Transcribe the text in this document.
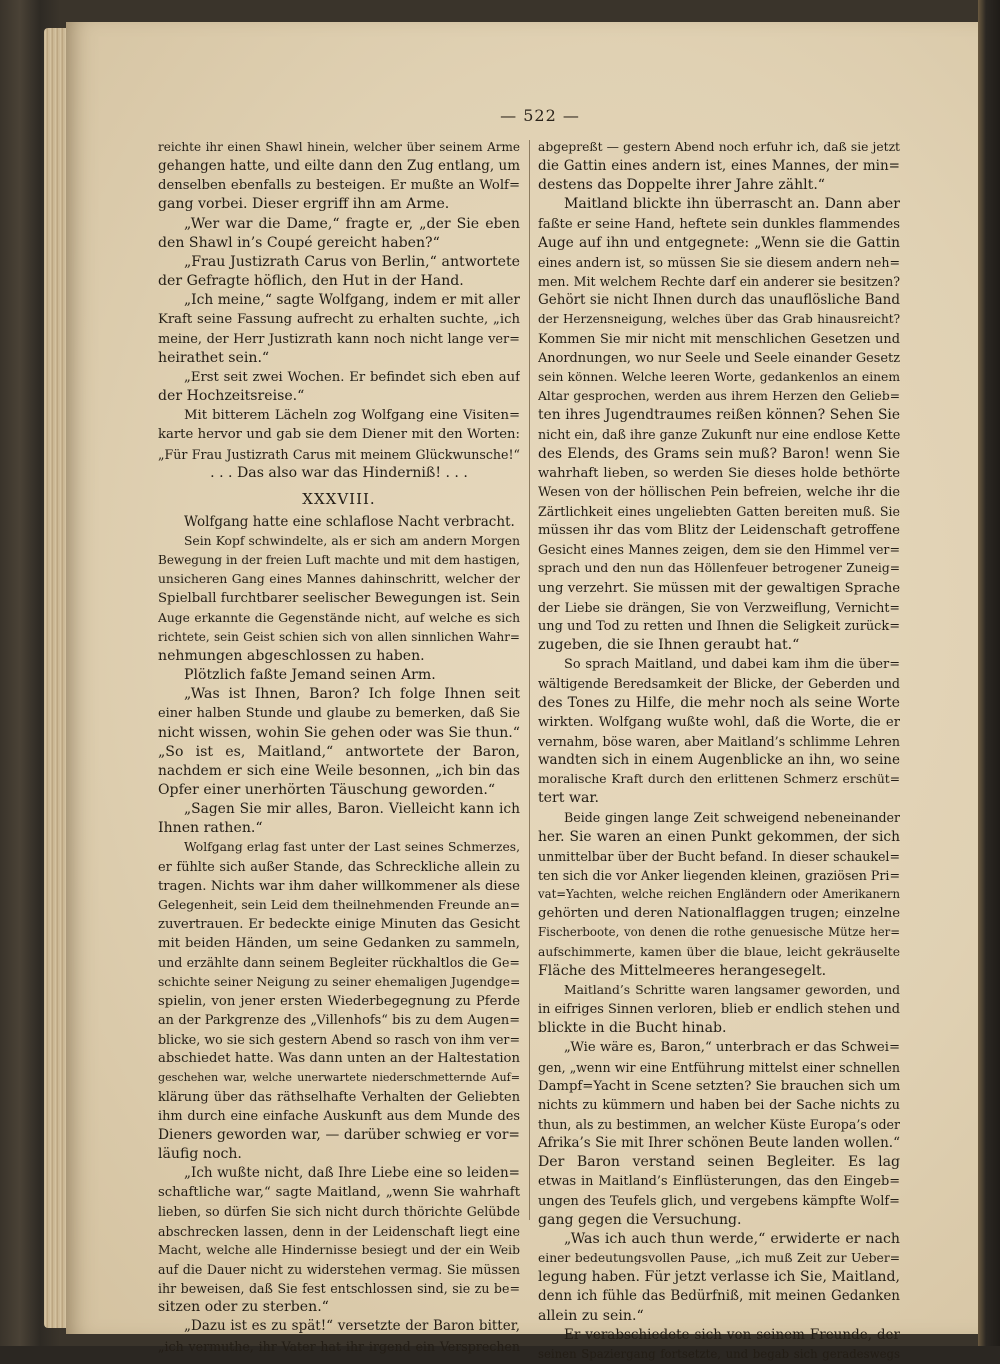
— 522 —
reichte ihr einen Shawl hinein, welcher über seinem Arme
gehangen hatte, und eilte dann den Zug entlang, um
denselben ebenfalls zu besteigen. Er mußte an Wolf=
gang vorbei. Dieser ergriff ihn am Arme.
„Wer war die Dame,“ fragte er, „der Sie eben
den Shawl in’s Coupé gereicht haben?“
„Frau Justizrath Carus von Berlin,“ antwortete
der Gefragte höflich, den Hut in der Hand.
„Ich meine,“ sagte Wolfgang, indem er mit aller
Kraft seine Fassung aufrecht zu erhalten suchte, „ich
meine, der Herr Justizrath kann noch nicht lange ver=
heirathet sein.“
„Erst seit zwei Wochen. Er befindet sich eben auf
der Hochzeitsreise.“
Mit bitterem Lächeln zog Wolfgang eine Visiten=
karte hervor und gab sie dem Diener mit den Worten:
„Für Frau Justizrath Carus mit meinem Glückwunsche!“
. . . Das also war das Hinderniß! . . .
XXXVIII.
Wolfgang hatte eine schlaflose Nacht verbracht.
Sein Kopf schwindelte, als er sich am andern Morgen
Bewegung in der freien Luft machte und mit dem hastigen,
unsicheren Gang eines Mannes dahinschritt, welcher der
Spielball furchtbarer seelischer Bewegungen ist. Sein
Auge erkannte die Gegenstände nicht, auf welche es sich
richtete, sein Geist schien sich von allen sinnlichen Wahr=
nehmungen abgeschlossen zu haben.
Plötzlich faßte Jemand seinen Arm.
„Was ist Ihnen, Baron? Ich folge Ihnen seit
einer halben Stunde und glaube zu bemerken, daß Sie
nicht wissen, wohin Sie gehen oder was Sie thun.“
„So ist es, Maitland,“ antwortete der Baron,
nachdem er sich eine Weile besonnen, „ich bin das
Opfer einer unerhörten Täuschung geworden.“
„Sagen Sie mir alles, Baron. Vielleicht kann ich
Ihnen rathen.“
Wolfgang erlag fast unter der Last seines Schmerzes,
er fühlte sich außer Stande, das Schreckliche allein zu
tragen. Nichts war ihm daher willkommener als diese
Gelegenheit, sein Leid dem theilnehmenden Freunde an=
zuvertrauen. Er bedeckte einige Minuten das Gesicht
mit beiden Händen, um seine Gedanken zu sammeln,
und erzählte dann seinem Begleiter rückhaltlos die Ge=
schichte seiner Neigung zu seiner ehemaligen Jugendge=
spielin, von jener ersten Wiederbegegnung zu Pferde
an der Parkgrenze des „Villenhofs“ bis zu dem Augen=
blicke, wo sie sich gestern Abend so rasch von ihm ver=
abschiedet hatte. Was dann unten an der Haltestation
geschehen war, welche unerwartete niederschmetternde Auf=
klärung über das räthselhafte Verhalten der Geliebten
ihm durch eine einfache Auskunft aus dem Munde des
Dieners geworden war, — darüber schwieg er vor=
läufig noch.
„Ich wußte nicht, daß Ihre Liebe eine so leiden=
schaftliche war,“ sagte Maitland, „wenn Sie wahrhaft
lieben, so dürfen Sie sich nicht durch thörichte Gelübde
abschrecken lassen, denn in der Leidenschaft liegt eine
Macht, welche alle Hindernisse besiegt und der ein Weib
auf die Dauer nicht zu widerstehen vermag. Sie müssen
ihr beweisen, daß Sie fest entschlossen sind, sie zu be=
sitzen oder zu sterben.“
„Dazu ist es zu spät!“ versetzte der Baron bitter,
„ich vermuthe, ihr Vater hat ihr irgend ein Versprechen
abgepreßt — gestern Abend noch erfuhr ich, daß sie jetzt
die Gattin eines andern ist, eines Mannes, der min=
destens das Doppelte ihrer Jahre zählt.“
Maitland blickte ihn überrascht an. Dann aber
faßte er seine Hand, heftete sein dunkles flammendes
Auge auf ihn und entgegnete: „Wenn sie die Gattin
eines andern ist, so müssen Sie sie diesem andern neh=
men. Mit welchem Rechte darf ein anderer sie besitzen?
Gehört sie nicht Ihnen durch das unauflösliche Band
der Herzensneigung, welches über das Grab hinausreicht?
Kommen Sie mir nicht mit menschlichen Gesetzen und
Anordnungen, wo nur Seele und Seele einander Gesetz
sein können. Welche leeren Worte, gedankenlos an einem
Altar gesprochen, werden aus ihrem Herzen den Gelieb=
ten ihres Jugendtraumes reißen können? Sehen Sie
nicht ein, daß ihre ganze Zukunft nur eine endlose Kette
des Elends, des Grams sein muß? Baron! wenn Sie
wahrhaft lieben, so werden Sie dieses holde bethörte
Wesen von der höllischen Pein befreien, welche ihr die
Zärtlichkeit eines ungeliebten Gatten bereiten muß. Sie
müssen ihr das vom Blitz der Leidenschaft getroffene
Gesicht eines Mannes zeigen, dem sie den Himmel ver=
sprach und den nun das Höllenfeuer betrogener Zuneig=
ung verzehrt. Sie müssen mit der gewaltigen Sprache
der Liebe sie drängen, Sie von Verzweiflung, Vernicht=
ung und Tod zu retten und Ihnen die Seligkeit zurück=
zugeben, die sie Ihnen geraubt hat.“
So sprach Maitland, und dabei kam ihm die über=
wältigende Beredsamkeit der Blicke, der Geberden und
des Tones zu Hilfe, die mehr noch als seine Worte
wirkten. Wolfgang wußte wohl, daß die Worte, die er
vernahm, böse waren, aber Maitland’s schlimme Lehren
wandten sich in einem Augenblicke an ihn, wo seine
moralische Kraft durch den erlittenen Schmerz erschüt=
tert war.
Beide gingen lange Zeit schweigend nebeneinander
her. Sie waren an einen Punkt gekommen, der sich
unmittelbar über der Bucht befand. In dieser schaukel=
ten sich die vor Anker liegenden kleinen, graziösen Pri=
vat=Yachten, welche reichen Engländern oder Amerikanern
gehörten und deren Nationalflaggen trugen; einzelne
Fischerboote, von denen die rothe genuesische Mütze her=
aufschimmerte, kamen über die blaue, leicht gekräuselte
Fläche des Mittelmeeres herangesegelt.
Maitland’s Schritte waren langsamer geworden, und
in eifriges Sinnen verloren, blieb er endlich stehen und
blickte in die Bucht hinab.
„Wie wäre es, Baron,“ unterbrach er das Schwei=
gen, „wenn wir eine Entführung mittelst einer schnellen
Dampf=Yacht in Scene setzten? Sie brauchen sich um
nichts zu kümmern und haben bei der Sache nichts zu
thun, als zu bestimmen, an welcher Küste Europa’s oder
Afrika’s Sie mit Ihrer schönen Beute landen wollen.“
Der Baron verstand seinen Begleiter. Es lag
etwas in Maitland’s Einflüsterungen, das den Eingeb=
ungen des Teufels glich, und vergebens kämpfte Wolf=
gang gegen die Versuchung.
„Was ich auch thun werde,“ erwiderte er nach
einer bedeutungsvollen Pause, „ich muß Zeit zur Ueber=
legung haben. Für jetzt verlasse ich Sie, Maitland,
denn ich fühle das Bedürfniß, mit meinen Gedanken
allein zu sein.“
Er verabschiedete sich von seinem Freunde, der
seinen Spaziergang fortsetzte, und begab sich geradeswegs
